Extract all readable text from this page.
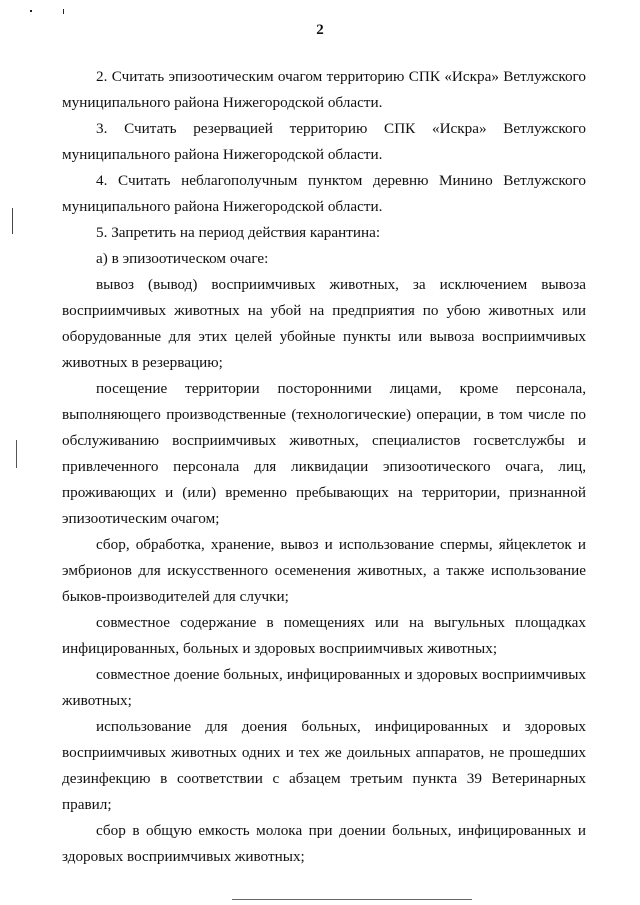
2

2. Считать эпизоотическим очагом территорию СПК «Искра» Ветлужского муниципального района Нижегородской области.

3. Считать резервацией территорию СПК «Искра» Ветлужского муниципального района Нижегородской области.

4. Считать неблагополучным пунктом деревню Минино Ветлужского муниципального района Нижегородской области.

5. Запретить на период действия карантина:

а) в эпизоотическом очаге:

вывоз (вывод) восприимчивых животных, за исключением вывоза восприимчивых животных на убой на предприятия по убою животных или оборудованные для этих целей убойные пункты или вывоза восприимчивых животных в резервацию;

посещение территории посторонними лицами, кроме персонала, выполняющего производственные (технологические) операции, в том числе по обслуживанию восприимчивых животных, специалистов госветслужбы и привлеченного персонала для ликвидации эпизоотического очага, лиц, проживающих и (или) временно пребывающих на территории, признанной эпизоотическим очагом;

сбор, обработка, хранение, вывоз и использование спермы, яйцеклеток и эмбрионов для искусственного осеменения животных, а также использование быков-производителей для случки;

совместное содержание в помещениях или на выгульных площадках инфицированных, больных и здоровых восприимчивых животных;

совместное доение больных, инфицированных и здоровых восприимчивых животных;

использование для доения больных, инфицированных и здоровых восприимчивых животных одних и тех же доильных аппаратов, не прошедших дезинфекцию в соответствии с абзацем третьим пункта 39 Ветеринарных правил;

сбор в общую емкость молока при доении больных, инфицированных и здоровых восприимчивых животных;
